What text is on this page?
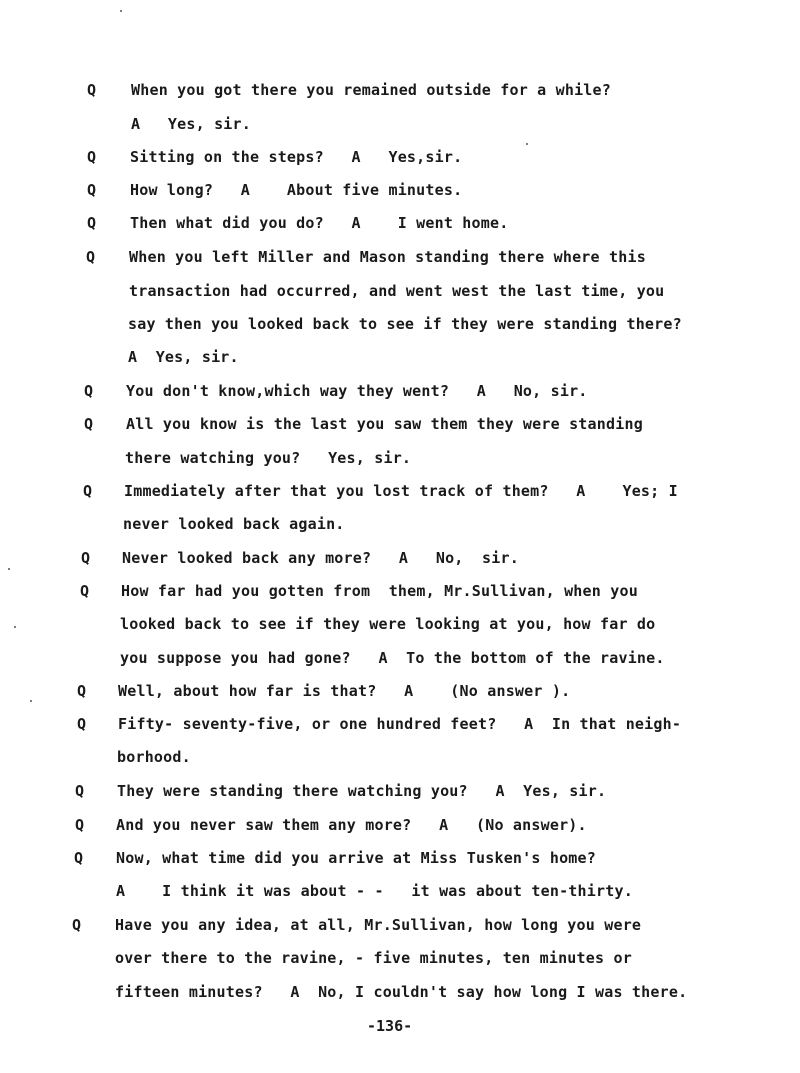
Q When you got there you remained outside for a while?
A   Yes, sir.
Q Sitting on the steps?   A   Yes,sir.
Q How long?   A    About five minutes.
Q Then what did you do?   A    I went home.
Q When you left Miller and Mason standing there where this
transaction had occurred, and went west the last time, you
say then you looked back to see if they were standing there?
A  Yes, sir.
Q You don't know,which way they went?   A   No, sir.
Q All you know is the last you saw them they were standing
there watching you?   Yes, sir.
Q Immediately after that you lost track of them?   A    Yes; I
never looked back again.
Q Never looked back any more?   A   No,  sir.
Q How far had you gotten from  them, Mr.Sullivan, when you
looked back to see if they were looking at you, how far do
you suppose you had gone?   A  To the bottom of the ravine.
Q Well, about how far is that?   A    (No answer ).
Q Fifty- seventy-five, or one hundred feet?   A  In that neigh-
borhood.
Q They were standing there watching you?   A  Yes, sir.
Q And you never saw them any more?   A   (No answer).
Q Now, what time did you arrive at Miss Tusken's home?
A    I think it was about - -   it was about ten-thirty.
Q Have you any idea, at all, Mr.Sullivan, how long you were
over there to the ravine, - five minutes, ten minutes or
fifteen minutes?   A  No, I couldn't say how long I was there.
-136-
